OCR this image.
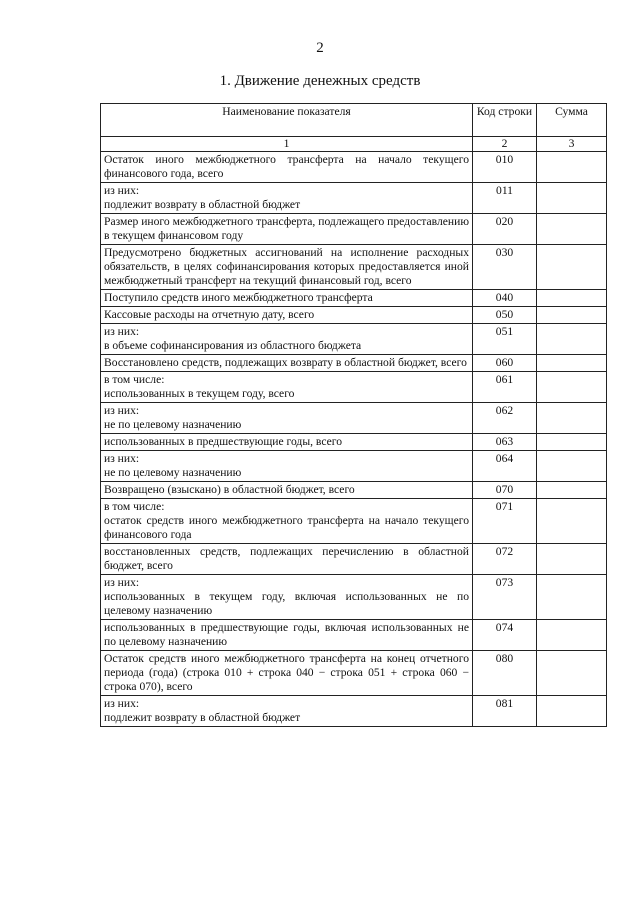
2
1. Движение денежных средств
Наименование показателя	Код строки	Сумма
1	2	3
Остаток иного межбюджетного трансферта на начало текущего финансового года, всего	010	
из них:
подлежит возврату в областной бюджет	011	
Размер иного межбюджетного трансферта, подлежащего предоставлению в текущем финансовом году	020	
Предусмотрено бюджетных ассигнований на исполнение расходных обязательств, в целях софинансирования которых предоставляется иной межбюджетный трансферт на текущий финансовый год, всего	030	
Поступило средств иного межбюджетного трансферта	040	
Кассовые расходы на отчетную дату, всего	050	
из них:
в объеме софинансирования из областного бюджета	051	
Восстановлено средств, подлежащих возврату в областной бюджет, всего	060	
в том числе:
использованных в текущем году, всего	061	
из них:
не по целевому назначению	062	
использованных в предшествующие годы, всего	063	
из них:
не по целевому назначению	064	
Возвращено (взыскано) в областной бюджет, всего	070	
в том числе:
остаток средств иного межбюджетного трансферта на начало текущего финансового года	071	
восстановленных средств, подлежащих перечислению в областной бюджет, всего	072	
из них:
использованных в текущем году, включая использованных не по целевому назначению	073	
использованных в предшествующие годы, включая использованных не по целевому назначению	074	
Остаток средств иного межбюджетного трансферта на конец отчетного периода (года) (строка 010 + строка 040 − строка 051 + строка 060 − строка 070), всего	080	
из них:
подлежит возврату в областной бюджет	081	
